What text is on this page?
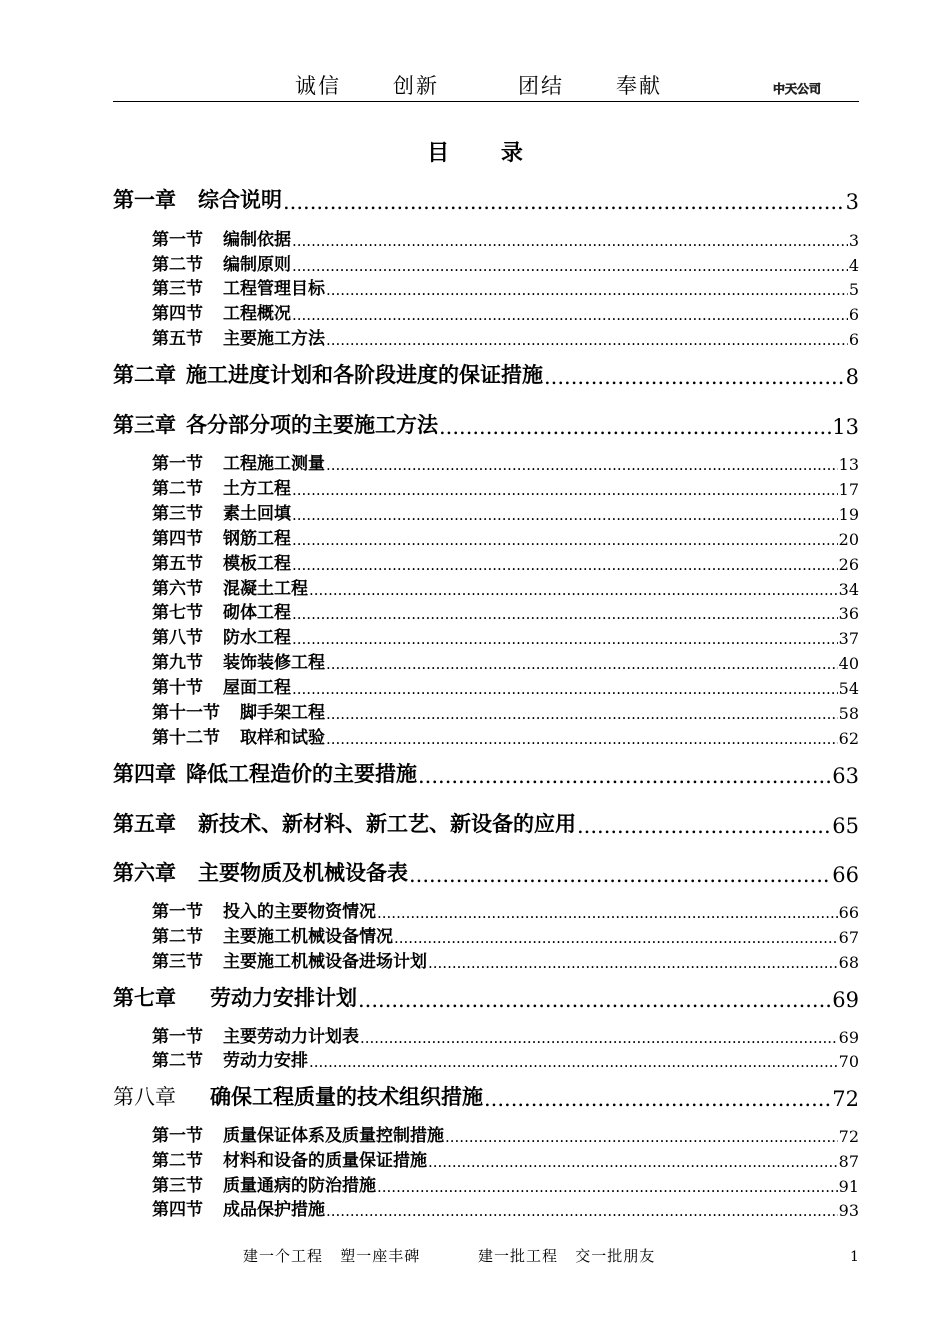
诚信 创新	团结 奉献	中天公司
目 录
第一章 综合说明 .....	3
第一节 编制依据 .....	3
第二节 编制原则 .....	4
第三节 工程管理目标 .....	5
第四节 工程概况 .....	6
第五节 主要施工方法 .....	6
第二章 施工进度计划和各阶段进度的保证措施 .....	8
第三章 各分部分项的主要施工方法 .....	13
第一节 工程施工测量 .....	13
第二节 土方工程 .....	17
第三节 素土回填 .....	19
第四节 钢筋工程 .....	20
第五节 模板工程 .....	26
第六节 混凝土工程 .....	34
第七节 砌体工程 .....	36
第八节 防水工程 .....	37
第九节 装饰装修工程 .....	40
第十节 屋面工程 .....	54
第十一节 脚手架工程 .....	58
第十二节 取样和试验 .....	62
第四章 降低工程造价的主要措施 .....	63
第五章 新技术、新材料、新工艺、新设备的应用 .....	65
第六章 主要物质及机械设备表 .....	66
第一节 投入的主要物资情况 .....	66
第二节 主要施工机械设备情况 .....	67
第三节 主要施工机械设备进场计划 .....	68
第七章 劳动力安排计划 .....	69
第一节 主要劳动力计划表 .....	69
第二节 劳动力安排 .....	70
第八章 确保工程质量的技术组织措施 .....	72
第一节 质量保证体系及质量控制措施 .....	72
第二节 材料和设备的质量保证措施 .....	87
第三节 质量通病的防治措施 .....	91
第四节 成品保护措施 .....	93
建一个工程   塑一座丰碑          建一批工程   交一批朋友	1
